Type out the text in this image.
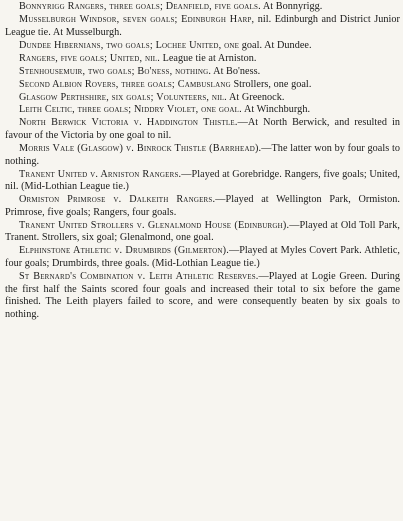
Bonnyrigg Rangers, three goals; Deanfield, five goals. At Bonnyrigg.

Musselburgh Windsor, seven goals; Edinburgh Harp, nil. Edinburgh and District Junior League tie. At Musselburgh.

Dundee Hibernians, two goals; Lochee United, one goal. At Dundee.

Rangers, five goals; United, nil. League tie at Arniston.

Stenhousemuir, two goals; Bo'ness, nothing. At Bo'ness.

Second Albion Rovers, three goals; Cambuslang Strollers, one goal.

Glasgow Perthshire, six goals; Volunteers, nil. At Greenock.

Leith Celtic, three goals; Niddry Violet, one goal. At Winchburgh.

North Berwick Victoria v. Haddington Thistle.—At North Berwick, and resulted in favour of the Victoria by one goal to nil.

Morris Vale (Glasgow) v. Binrock Thistle (Barrhead).—The latter won by four goals to nothing.

Tranent United v. Arniston Rangers.—Played at Gorebridge. Rangers, five goals; United, nil. (Mid-Lothian League tie.)

Ormiston Primrose v. Dalkeith Rangers.—Played at Wellington Park, Ormiston. Primrose, five goals; Rangers, four goals.

Tranent United Strollers v. Glenalmond House (Edinburgh).—Played at Old Toll Park, Tranent. Strollers, six goal; Glenalmond, one goal.

Elphinstone Athletic v. Drumbirds (Gilmerton).—Played at Myles Covert Park. Athletic, four goals; Drumbirds, three goals. (Mid-Lothian League tie.)

St Bernard's Combination v. Leith Athletic Reserves.—Played at Logie Green. During the first half the Saints scored four goals and increased their total to six before the game finished. The Leith players failed to score, and were consequently beaten by six goals to nothing.
